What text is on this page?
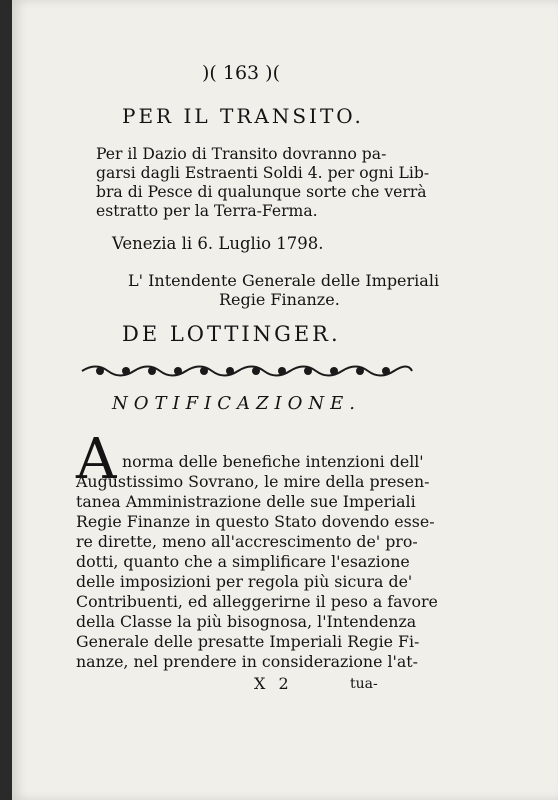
)( 163 )(
PER IL TRANSITO.
Per il Dazio di Transito dovranno pa-
garsi dagli Estraenti Soldi 4. per ogni Lib-
bra di Pesce di qualunque sorte che verrà
estratto per la Terra-Ferma.
Venezia li 6. Luglio 1798.
L' Intendente Generale delle Imperiali
Regie Finanze.
DE LOTTINGER.
NOTIFICAZIONE.
A norma delle benefiche intenzioni dell'
Augustissimo Sovrano, le mire della presen-
tanea Amministrazione delle sue Imperiali
Regie Finanze in questo Stato dovendo esse-
re dirette, meno all'accrescimento de' pro-
dotti, quanto che a simplificare l'esazione
delle imposizioni per regola più sicura de'
Contribuenti, ed alleggerirne il peso a favore
della Classe la più bisognosa, l'Intendenza
Generale delle presatte Imperiali Regie Fi-
nanze, nel prendere in considerazione l'at-
X 2	tua-
